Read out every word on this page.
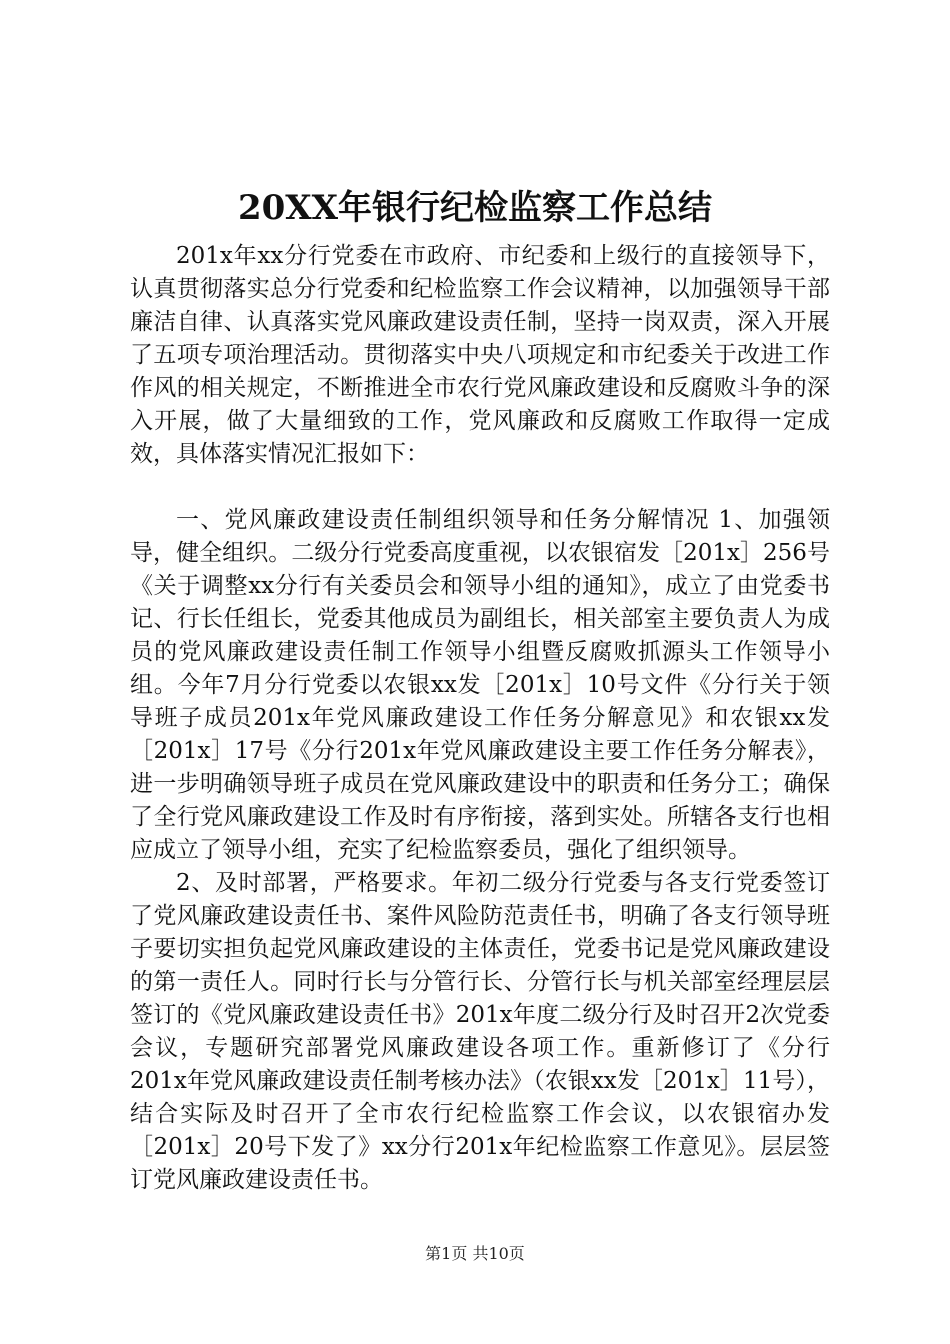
20XX年银行纪检监察工作总结

201x年xx分行党委在市政府、市纪委和上级行的直接领导下，认真贯彻落实总分行党委和纪检监察工作会议精神，以加强领导干部廉洁自律、认真落实党风廉政建设责任制，坚持一岗双责，深入开展了五项专项治理活动。贯彻落实中央八项规定和市纪委关于改进工作作风的相关规定，不断推进全市农行党风廉政建设和反腐败斗争的深入开展，做了大量细致的工作，党风廉政和反腐败工作取得一定成效，具体落实情况汇报如下：

一、党风廉政建设责任制组织领导和任务分解情况 1、加强领导，健全组织。二级分行党委高度重视，以农银宿发［201x］256号《关于调整xx分行有关委员会和领导小组的通知》，成立了由党委书记、行长任组长，党委其他成员为副组长，相关部室主要负责人为成员的党风廉政建设责任制工作领导小组暨反腐败抓源头工作领导小组。今年7月分行党委以农银xx发［201x］10号文件《分行关于领导班子成员201x年党风廉政建设工作任务分解意见》和农银xx发［201x］17号《分行201x年党风廉政建设主要工作任务分解表》，进一步明确领导班子成员在党风廉政建设中的职责和任务分工；确保了全行党风廉政建设工作及时有序衔接，落到实处。所辖各支行也相应成立了领导小组，充实了纪检监察委员，强化了组织领导。

2、及时部署，严格要求。年初二级分行党委与各支行党委签订了党风廉政建设责任书、案件风险防范责任书，明确了各支行领导班子要切实担负起党风廉政建设的主体责任，党委书记是党风廉政建设的第一责任人。同时行长与分管行长、分管行长与机关部室经理层层签订的《党风廉政建设责任书》201x年度二级分行及时召开2次党委会议，专题研究部署党风廉政建设各项工作。重新修订了《分行201x年党风廉政建设责任制考核办法》（农银xx发［201x］11号），结合实际及时召开了全市农行纪检监察工作会议，以农银宿办发［201x］20号下发了》xx分行201x年纪检监察工作意见》。层层签订党风廉政建设责任书。

第1页 共10页
